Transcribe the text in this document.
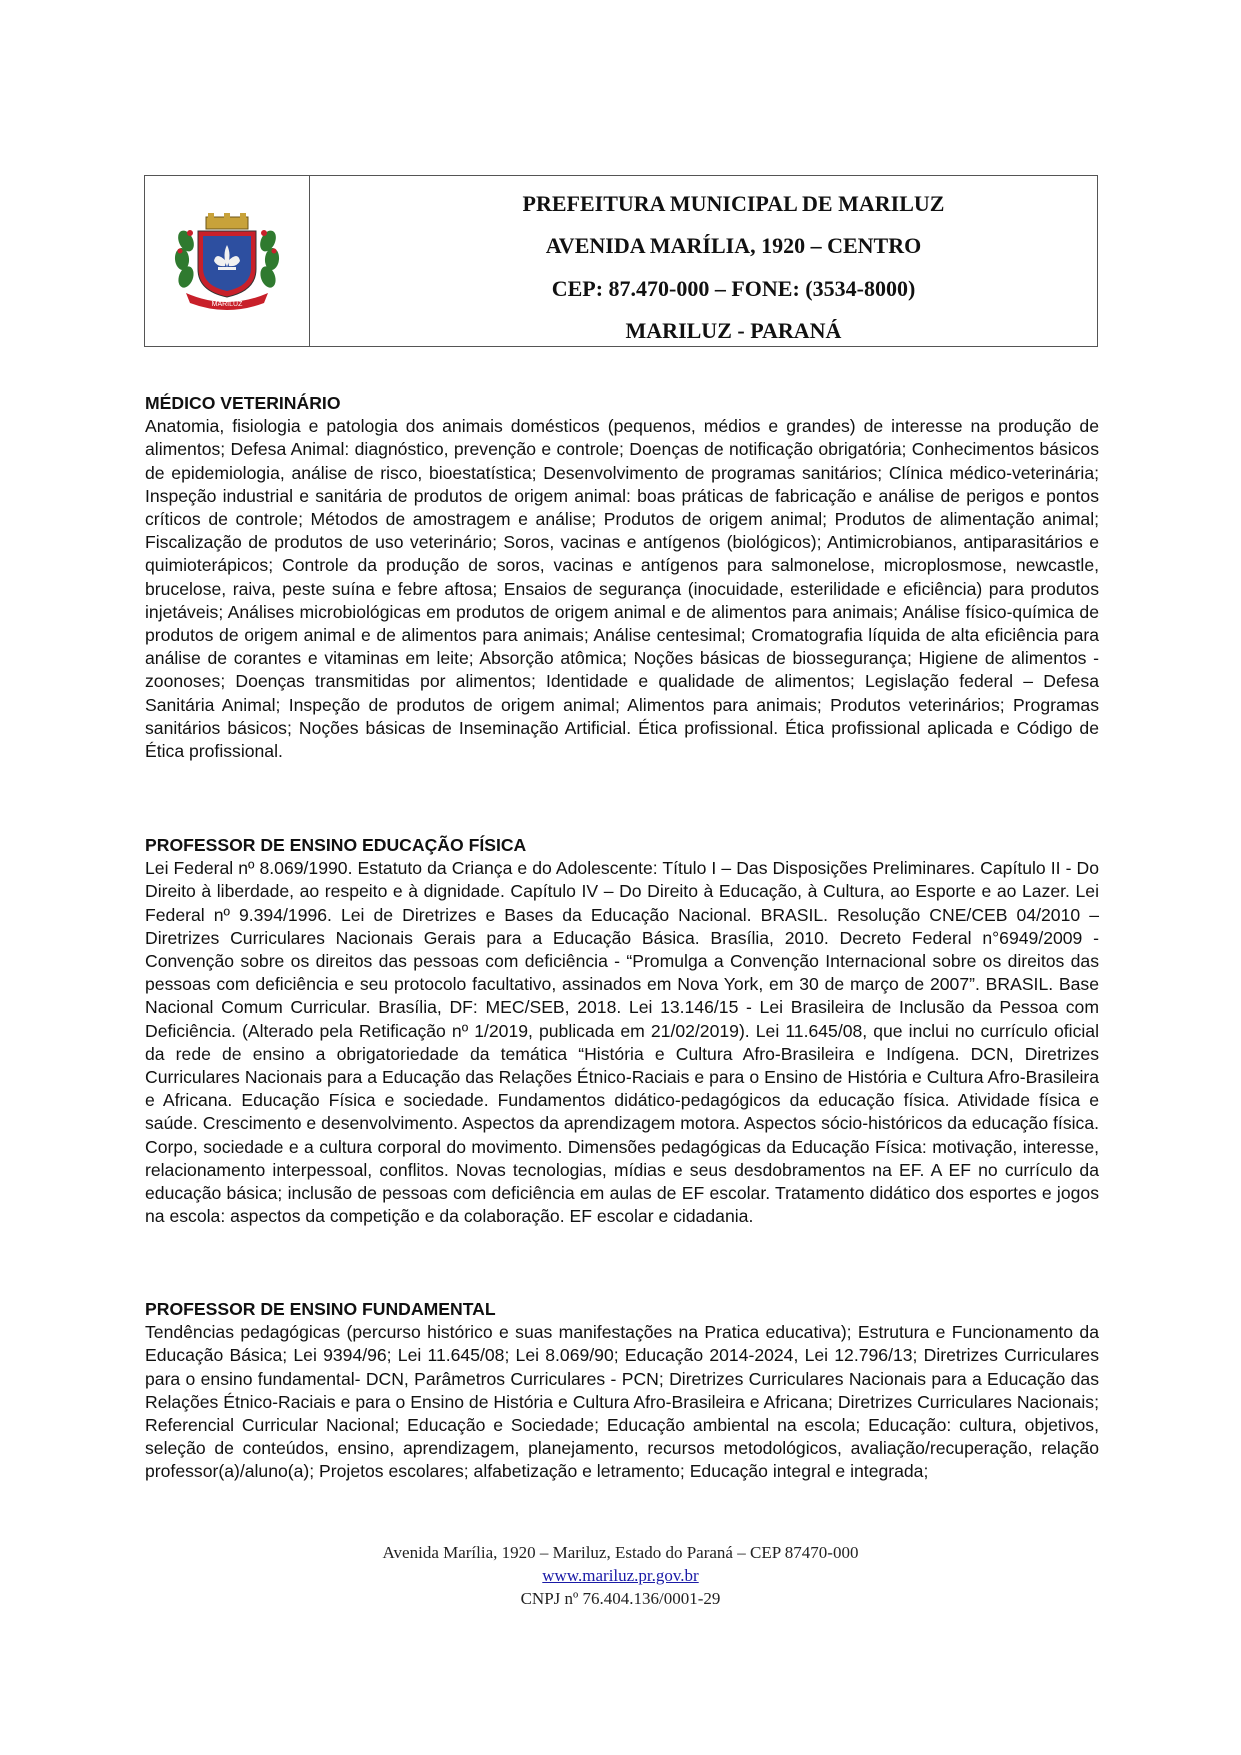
MARILUZ
PREFEITURA MUNICIPAL DE MARILUZ
AVENIDA MARÍLIA, 1920 – CENTRO
CEP: 87.470-000 – FONE: (3534-8000)
MARILUZ - PARANÁ

MÉDICO VETERINÁRIO

Anatomia, fisiologia e patologia dos animais domésticos (pequenos, médios e grandes) de interesse na produção de alimentos; Defesa Animal: diagnóstico, prevenção e controle; Doenças de notificação obrigatória; Conhecimentos básicos de epidemiologia, análise de risco, bioestatística; Desenvolvimento de programas sanitários; Clínica médico-veterinária; Inspeção industrial e sanitária de produtos de origem animal: boas práticas de fabricação e análise de perigos e pontos críticos de controle; Métodos de amostragem e análise; Produtos de origem animal; Produtos de alimentação animal; Fiscalização de produtos de uso veterinário; Soros, vacinas e antígenos (biológicos); Antimicrobianos, antiparasitários e quimioterápicos; Controle da produção de soros, vacinas e antígenos para salmonelose, microplosmose, newcastle, brucelose, raiva, peste suína e febre aftosa; Ensaios de segurança (inocuidade, esterilidade e eficiência) para produtos injetáveis; Análises microbiológicas em produtos de origem animal e de alimentos para animais; Análise físico-química de produtos de origem animal e de alimentos para animais; Análise centesimal; Cromatografia líquida de alta eficiência para análise de corantes e vitaminas em leite; Absorção atômica; Noções básicas de biossegurança; Higiene de alimentos - zoonoses; Doenças transmitidas por alimentos; Identidade e qualidade de alimentos; Legislação federal – Defesa Sanitária Animal; Inspeção de produtos de origem animal; Alimentos para animais; Produtos veterinários; Programas sanitários básicos; Noções básicas de Inseminação Artificial. Ética profissional. Ética profissional aplicada e Código de Ética profissional.

PROFESSOR DE ENSINO EDUCAÇÃO FÍSICA

Lei Federal nº 8.069/1990. Estatuto da Criança e do Adolescente: Título I – Das Disposições Preliminares. Capítulo II - Do Direito à liberdade, ao respeito e à dignidade. Capítulo IV – Do Direito à Educação, à Cultura, ao Esporte e ao Lazer. Lei Federal nº 9.394/1996. Lei de Diretrizes e Bases da Educação Nacional. BRASIL. Resolução CNE/CEB 04/2010 – Diretrizes Curriculares Nacionais Gerais para a Educação Básica. Brasília, 2010. Decreto Federal n°6949/2009 - Convenção sobre os direitos das pessoas com deficiência - “Promulga a Convenção Internacional sobre os direitos das pessoas com deficiência e seu protocolo facultativo, assinados em Nova York, em 30 de março de 2007”. BRASIL. Base Nacional Comum Curricular. Brasília, DF: MEC/SEB, 2018. Lei 13.146/15 - Lei Brasileira de Inclusão da Pessoa com Deficiência. (Alterado pela Retificação nº 1/2019, publicada em 21/02/2019). Lei 11.645/08, que inclui no currículo oficial da rede de ensino a obrigatoriedade da temática “História e Cultura Afro-Brasileira e Indígena. DCN, Diretrizes Curriculares Nacionais para a Educação das Relações Étnico-Raciais e para o Ensino de História e Cultura Afro-Brasileira e Africana. Educação Física e sociedade. Fundamentos didático-pedagógicos da educação física. Atividade física e saúde. Crescimento e desenvolvimento. Aspectos da aprendizagem motora. Aspectos sócio-históricos da educação física. Corpo, sociedade e a cultura corporal do movimento. Dimensões pedagógicas da Educação Física: motivação, interesse, relacionamento interpessoal, conflitos. Novas tecnologias, mídias e seus desdobramentos na EF. A EF no currículo da educação básica; inclusão de pessoas com deficiência em aulas de EF escolar. Tratamento didático dos esportes e jogos na escola: aspectos da competição e da colaboração. EF escolar e cidadania.

PROFESSOR DE ENSINO FUNDAMENTAL

Tendências pedagógicas (percurso histórico e suas manifestações na Pratica educativa); Estrutura e Funcionamento da Educação Básica; Lei 9394/96; Lei 11.645/08; Lei 8.069/90; Educação 2014-2024, Lei 12.796/13; Diretrizes Curriculares para o ensino fundamental- DCN, Parâmetros Curriculares - PCN; Diretrizes Curriculares Nacionais para a Educação das Relações Étnico-Raciais e para o Ensino de História e Cultura Afro-Brasileira e Africana; Diretrizes Curriculares Nacionais; Referencial Curricular Nacional; Educação e Sociedade; Educação ambiental na escola; Educação: cultura, objetivos, seleção de conteúdos, ensino, aprendizagem, planejamento, recursos metodológicos, avaliação/recuperação, relação professor(a)/aluno(a); Projetos escolares; alfabetização e letramento; Educação integral e integrada;

Avenida Marília, 1920 – Mariluz, Estado do Paraná – CEP 87470-000
www.mariluz.pr.gov.br
CNPJ nº 76.404.136/0001-29
